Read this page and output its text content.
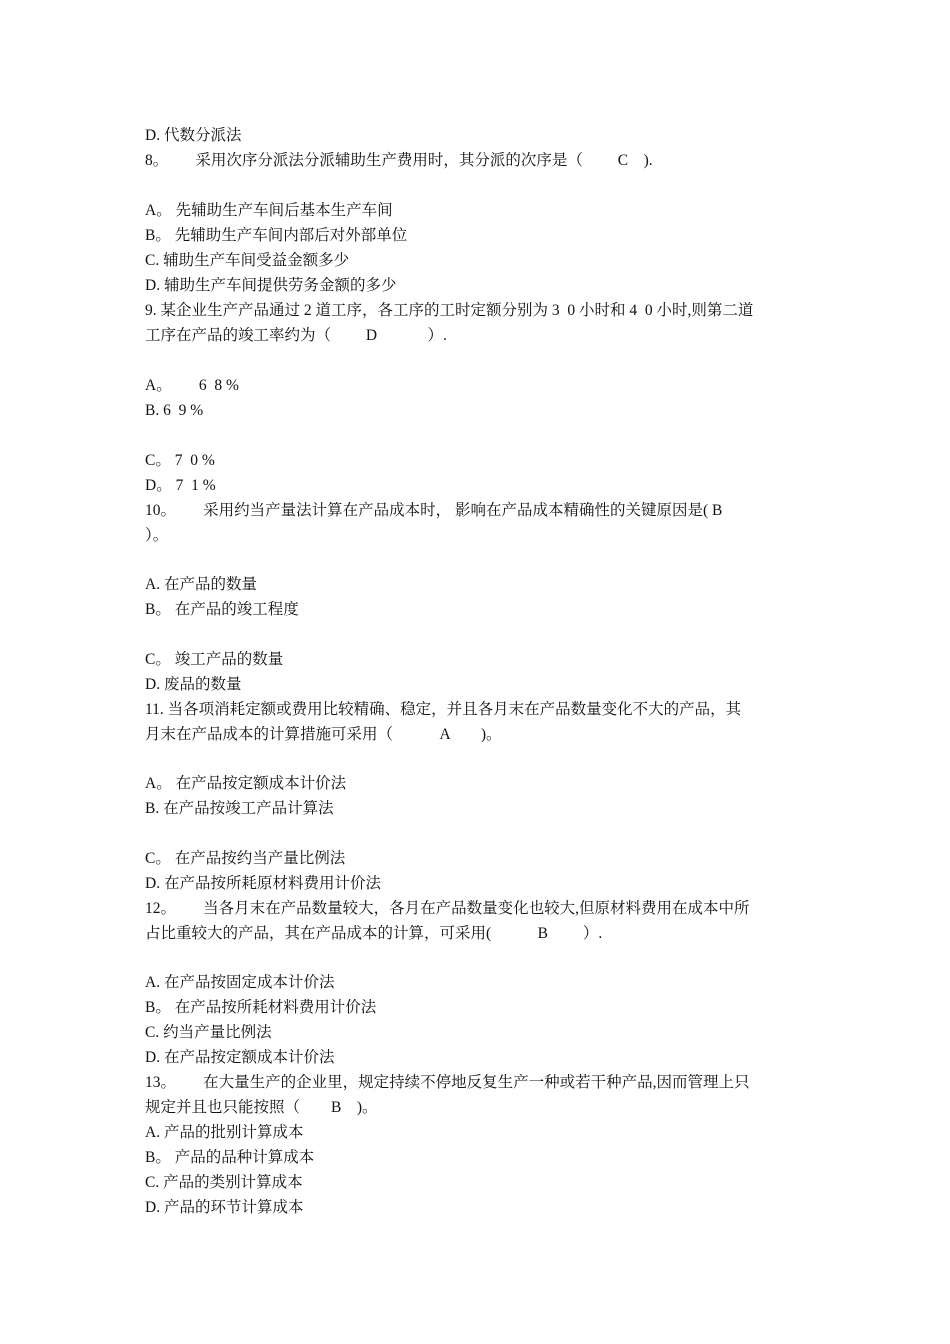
D. 代数分派法
8。　　 采用次序分派法分派辅助生产费用时，其分派的次序是（　　 C　).
A。 先辅助生产车间后基本生产车间
B。 先辅助生产车间内部后对外部单位
C. 辅助生产车间受益金额多少
D. 辅助生产车间提供劳务金额的多少
9. 某企业生产产品通过 2 道工序，各工序的工时定额分别为 3  0 小时和 4  0 小时,则第二道
工序在产品的竣工率约为（　　 D　　　 ）.
A。　　 6  8 %
B. 6  9 %
C。 7  0 %
D。 7  1 %
10。　　 采用约当产量法计算在产品成本时， 影响在产品成本精确性的关键原因是( B
）。
A. 在产品的数量
B。 在产品的竣工程度
C。 竣工产品的数量
D. 废品的数量
11. 当各项消耗定额或费用比较精确、稳定，并且各月末在产品数量变化不大的产品，其
月末在产品成本的计算措施可采用（　　　A　　)。
A。 在产品按定额成本计价法
B. 在产品按竣工产品计算法
C。 在产品按约当产量比例法
D. 在产品按所耗原材料费用计价法
12。　　 当各月末在产品数量较大，各月在产品数量变化也较大,但原材料费用在成本中所
占比重较大的产品，其在产品成本的计算，可采用(　　　B　　 ）.
A. 在产品按固定成本计价法
B。 在产品按所耗材料费用计价法
C. 约当产量比例法
D. 在产品按定额成本计价法
13。　　 在大量生产的企业里，规定持续不停地反复生产一种或若干种产品,因而管理上只
规定并且也只能按照（　　B　)。
A. 产品的批别计算成本
B。 产品的品种计算成本
C. 产品的类别计算成本
D. 产品的环节计算成本
